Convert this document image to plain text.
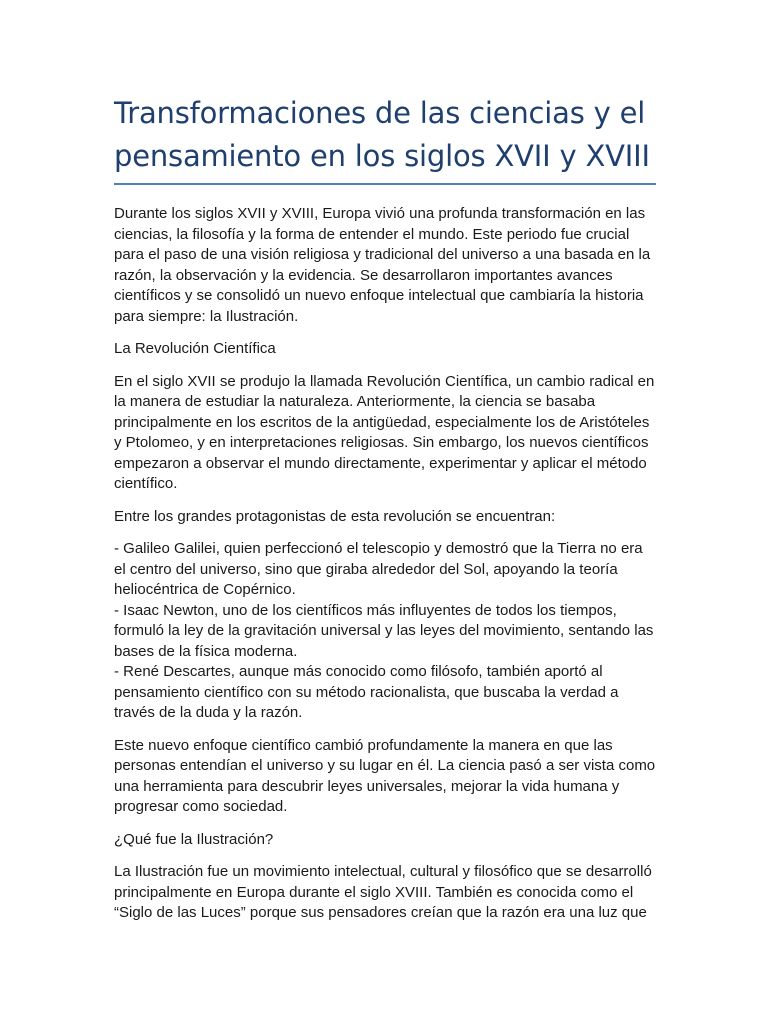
Transformaciones de las ciencias y el pensamiento en los siglos XVII y XVIII

Durante los siglos XVII y XVIII, Europa vivió una profunda transformación en las ciencias, la filosofía y la forma de entender el mundo. Este periodo fue crucial para el paso de una visión religiosa y tradicional del universo a una basada en la razón, la observación y la evidencia. Se desarrollaron importantes avances científicos y se consolidó un nuevo enfoque intelectual que cambiaría la historia para siempre: la Ilustración.

La Revolución Científica

En el siglo XVII se produjo la llamada Revolución Científica, un cambio radical en la manera de estudiar la naturaleza. Anteriormente, la ciencia se basaba principalmente en los escritos de la antigüedad, especialmente los de Aristóteles y Ptolomeo, y en interpretaciones religiosas. Sin embargo, los nuevos científicos empezaron a observar el mundo directamente, experimentar y aplicar el método científico.

Entre los grandes protagonistas de esta revolución se encuentran:

- Galileo Galilei, quien perfeccionó el telescopio y demostró que la Tierra no era el centro del universo, sino que giraba alrededor del Sol, apoyando la teoría heliocéntrica de Copérnico.

- Isaac Newton, uno de los científicos más influyentes de todos los tiempos, formuló la ley de la gravitación universal y las leyes del movimiento, sentando las bases de la física moderna.

- René Descartes, aunque más conocido como filósofo, también aportó al pensamiento científico con su método racionalista, que buscaba la verdad a través de la duda y la razón.

Este nuevo enfoque científico cambió profundamente la manera en que las personas entendían el universo y su lugar en él. La ciencia pasó a ser vista como una herramienta para descubrir leyes universales, mejorar la vida humana y progresar como sociedad.

¿Qué fue la Ilustración?

La Ilustración fue un movimiento intelectual, cultural y filosófico que se desarrolló principalmente en Europa durante el siglo XVIII. También es conocida como el “Siglo de las Luces” porque sus pensadores creían que la razón era una luz que
